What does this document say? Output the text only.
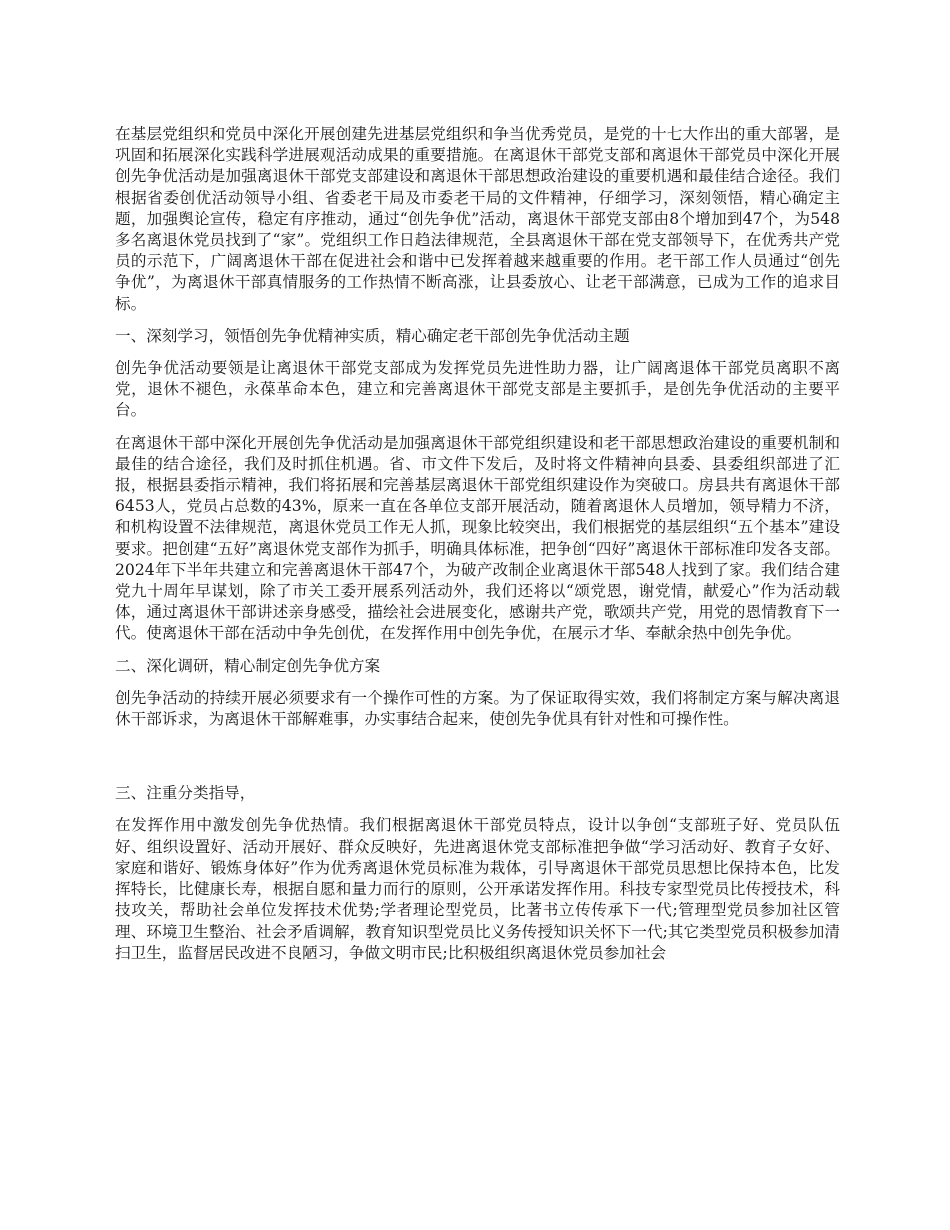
在基层党组织和党员中深化开展创建先进基层党组织和争当优秀党员，是党的十七大作出的重大部署，是巩固和拓展深化实践科学进展观活动成果的重要措施。在离退休干部党支部和离退休干部党员中深化开展创先争优活动是加强离退休干部党支部建设和离退休干部思想政治建设的重要机遇和最佳结合途径。我们根据省委创优活动领导小组、省委老干局及市委老干局的文件精神，仔细学习，深刻领悟，精心确定主题，加强舆论宣传，稳定有序推动，通过“创先争优”活动，离退休干部党支部由8个增加到47个，为548多名离退休党员找到了“家”。党组织工作日趋法律规范，全县离退休干部在党支部领导下，在优秀共产党员的示范下，广阔离退休干部在促进社会和谐中已发挥着越来越重要的作用。老干部工作人员通过“创先争优”，为离退休干部真情服务的工作热情不断高涨，让县委放心、让老干部满意，已成为工作的追求目标。

一、深刻学习，领悟创先争优精神实质，精心确定老干部创先争优活动主题

创先争优活动要领是让离退休干部党支部成为发挥党员先进性助力器，让广阔离退体干部党员离职不离党，退休不褪色，永葆革命本色，建立和完善离退休干部党支部是主要抓手，是创先争优活动的主要平台。

在离退休干部中深化开展创先争优活动是加强离退休干部党组织建设和老干部思想政治建设的重要机制和最佳的结合途径，我们及时抓住机遇。省、市文件下发后，及时将文件精神向县委、县委组织部进了汇报，根据县委指示精神，我们将拓展和完善基层离退休干部党组织建设作为突破口。房县共有离退休干部6453人，党员占总数的43%，原来一直在各单位支部开展活动，随着离退休人员增加，领导精力不济，和机构设置不法律规范，离退休党员工作无人抓，现象比较突出，我们根据党的基层组织“五个基本”建设要求。把创建“五好”离退休党支部作为抓手，明确具体标准，把争创“四好”离退休干部标准印发各支部。2024年下半年共建立和完善离退休干部47个，为破产改制企业离退休干部548人找到了家。我们结合建党九十周年早谋划，除了市关工委开展系列活动外，我们还将以“颂党恩，谢党情，献爱心”作为活动载体，通过离退休干部讲述亲身感受，描绘社会进展变化，感谢共产党，歌颂共产党，用党的恩情教育下一代。使离退休干部在活动中争先创优，在发挥作用中创先争优，在展示才华、奉献余热中创先争优。

二、深化调研，精心制定创先争优方案

创先争活动的持续开展必须要求有一个操作可性的方案。为了保证取得实效，我们将制定方案与解决离退休干部诉求，为离退休干部解难事，办实事结合起来，使创先争优具有针对性和可操作性。

三、注重分类指导，

在发挥作用中激发创先争优热情。我们根据离退休干部党员特点，设计以争创“支部班子好、党员队伍好、组织设置好、活动开展好、群众反映好，先进离退休党支部标准把争做“学习活动好、教育子女好、家庭和谐好、锻炼身体好”作为优秀离退休党员标准为栽体，引导离退休干部党员思想比保持本色，比发挥特长，比健康长寿，根据自愿和量力而行的原则，公开承诺发挥作用。科技专家型党员比传授技术，科技攻关，帮助社会单位发挥技术优势;学者理论型党员，比著书立传传承下一代;管理型党员参加社区管理、环境卫生整治、社会矛盾调解，教育知识型党员比义务传授知识关怀下一代;其它类型党员积极参加清扫卫生，监督居民改进不良陋习，争做文明市民;比积极组织离退休党员参加社会
